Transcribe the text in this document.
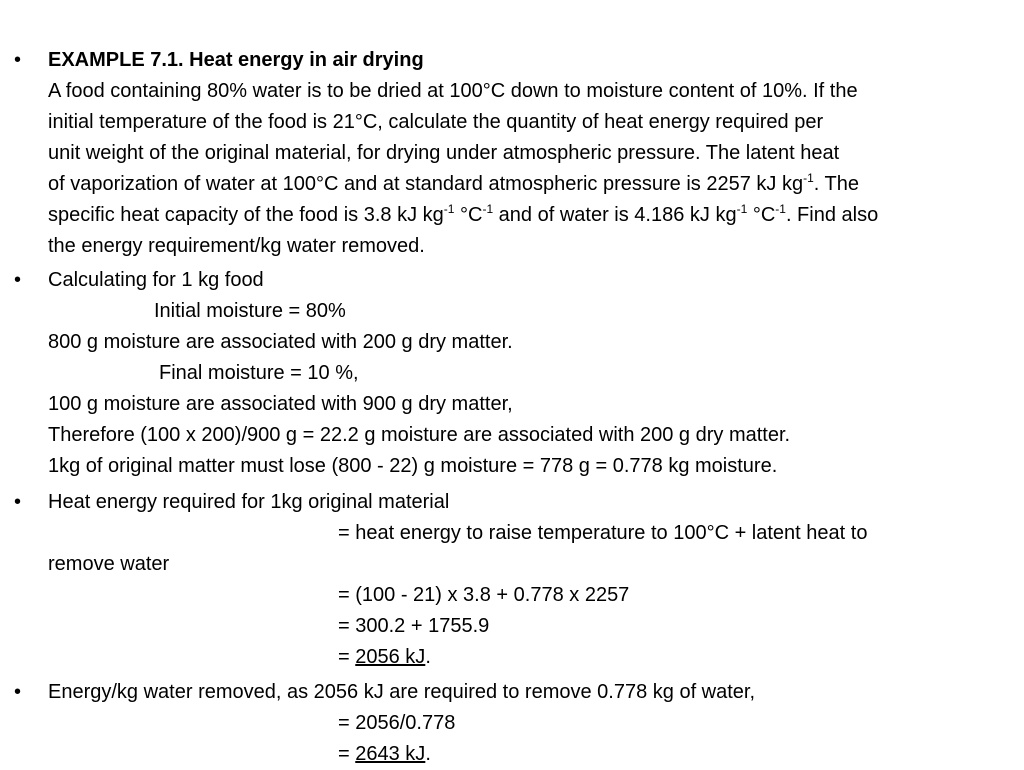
• EXAMPLE 7.1. Heat energy in air drying
A food containing 80% water is to be dried at 100°C down to moisture content of 10%. If the
initial temperature of the food is 21°C, calculate the quantity of heat energy required per
unit weight of the original material, for drying under atmospheric pressure. The latent heat
of vaporization of water at 100°C and at standard atmospheric pressure is 2257 kJ $kg^{-1}$. The
specific heat capacity of the food is 3.8 kJ $kg^{-1}$ $^\circ C^{-1}$ and of water is 4.186 kJ $kg^{-1}$ $^\circ C^{-1}$. Find also
the energy requirement/kg water removed.
• Calculating for 1 kg food
Initial moisture = 80%
800 g moisture are associated with 200 g dry matter.
Final moisture = 10 %,
100 g moisture are associated with 900 g dry matter,
Therefore (100 x 200)/900 g = 22.2 g moisture are associated with 200 g dry matter.
1kg of original matter must lose (800 - 22) g moisture = 778 g = 0.778 kg moisture.
• Heat energy required for 1kg original material
= heat energy to raise temperature to 100°C + latent heat to
remove water
= (100 - 21) x 3.8 + 0.778 x 2257
= 300.2 + 1755.9
= 2056 kJ.
• Energy/kg water removed, as 2056 kJ are required to remove 0.778 kg of water,
= 2056/0.778
= 2643 kJ.
